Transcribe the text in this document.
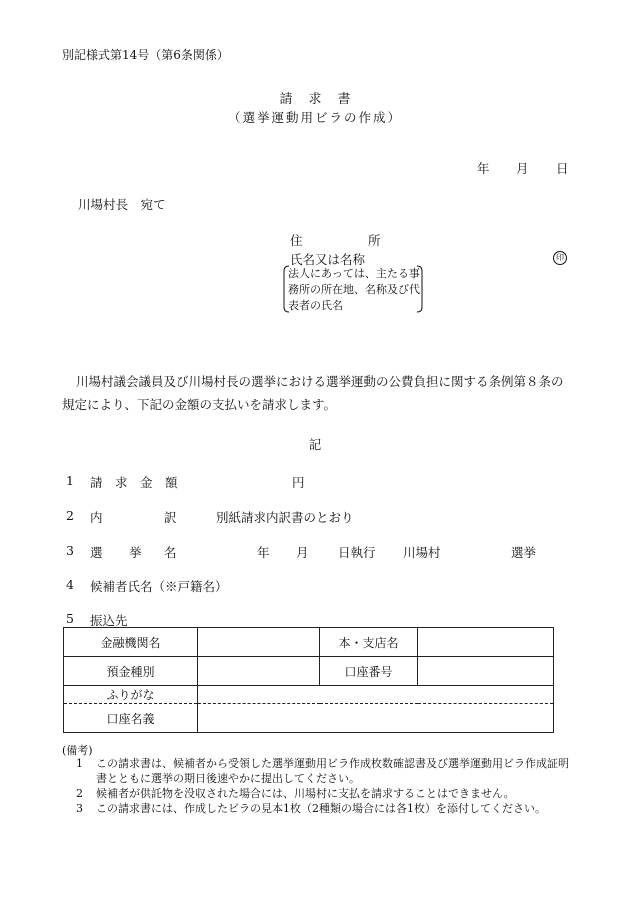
別記様式第14号（第6条関係）
請求書
（選挙運動用ビラの作成）
年 月 日
川場村長　宛て
住	所
氏名又は名称	印
法人にあっては、主たる事務所の所在地、名称及び代表者の氏名
川場村議会議員及び川場村長の選挙における選挙運動の公費負担に関する条例第８条の規定により、下記の金額の支払いを請求します。
記
1 請　求　金　額	円
2 内	訳	別紙請求内訳書のとおり
3 選 挙 名	年 月 日執行 川場村	選挙
4 候補者氏名（※戸籍名）
5 振込先
金融機関名		本・支店名	
預金種別		口座番号	
ふりがな			
口座名義			
(備考)
1 この請求書は、候補者から受領した選挙運動用ビラ作成枚数確認書及び選挙運動用ビラ作成証明書とともに選挙の期日後速やかに提出してください。
2 候補者が供託物を没収された場合には、川場村に支払を請求することはできません。
3 この請求書には、作成したビラの見本1枚（2種類の場合には各1枚）を添付してください。
